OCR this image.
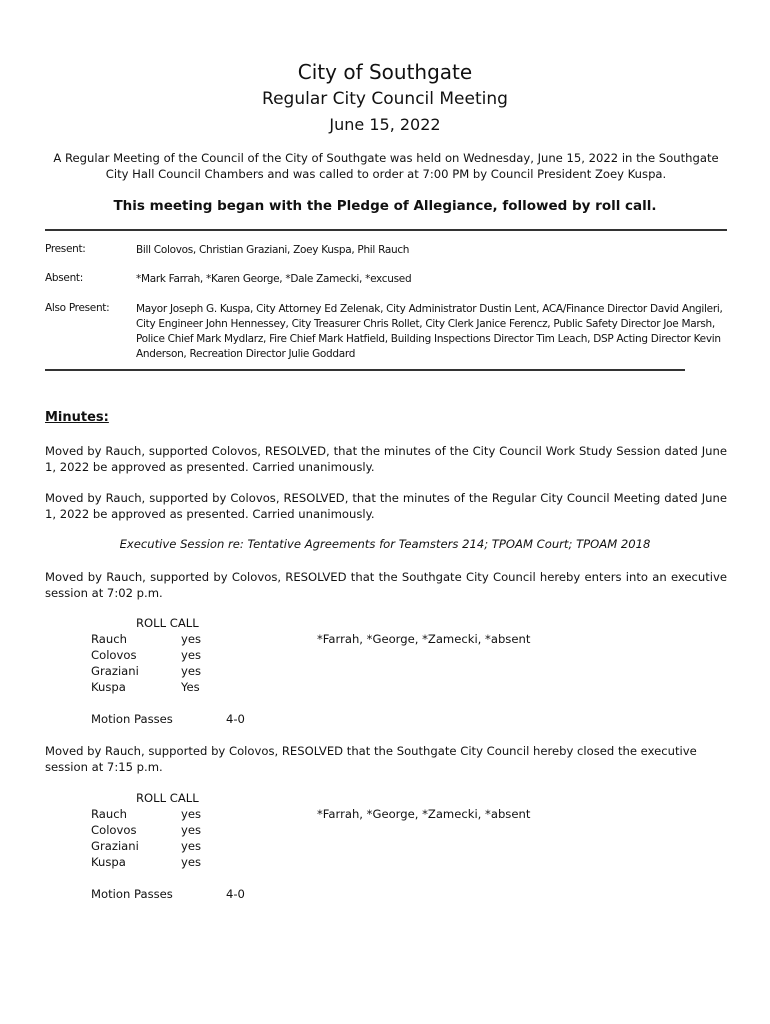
City of Southgate
Regular City Council Meeting
June 15, 2022
A Regular Meeting of the Council of the City of Southgate was held on Wednesday, June 15, 2022 in the Southgate City Hall Council Chambers and was called to order at 7:00 PM by Council President Zoey Kuspa.
This meeting began with the Pledge of Allegiance, followed by roll call.
Present:	Bill Colovos, Christian Graziani, Zoey Kuspa, Phil Rauch
Absent:	*Mark Farrah, *Karen George, *Dale Zamecki, *excused
Also Present:	Mayor Joseph G. Kuspa, City Attorney Ed Zelenak, City Administrator Dustin Lent, ACA/Finance Director David Angileri, City Engineer John Hennessey, City Treasurer Chris Rollet, City Clerk Janice Ferencz, Public Safety Director Joe Marsh, Police Chief Mark Mydlarz, Fire Chief Mark Hatfield, Building Inspections Director Tim Leach, DSP Acting Director Kevin Anderson, Recreation Director Julie Goddard
Minutes:
Moved by Rauch, supported Colovos, RESOLVED, that the minutes of the City Council Work Study Session dated June 1, 2022 be approved as presented. Carried unanimously.
Moved by Rauch, supported by Colovos, RESOLVED, that the minutes of the Regular City Council Meeting dated June 1, 2022 be approved as presented. Carried unanimously.
Executive Session re: Tentative Agreements for Teamsters 214; TPOAM Court; TPOAM 2018
Moved by Rauch, supported by Colovos, RESOLVED that the Southgate City Council hereby enters into an executive session at 7:02 p.m.
ROLL CALL
Rauch	yes	*Farrah, *George, *Zamecki, *absent
Colovos	yes
Graziani	yes
Kuspa	Yes
Motion Passes	4-0
Moved by Rauch, supported by Colovos, RESOLVED that the Southgate City Council hereby closed the executive session at 7:15 p.m.
ROLL CALL
Rauch	yes	*Farrah, *George, *Zamecki, *absent
Colovos	yes
Graziani	yes
Kuspa	yes
Motion Passes	4-0
